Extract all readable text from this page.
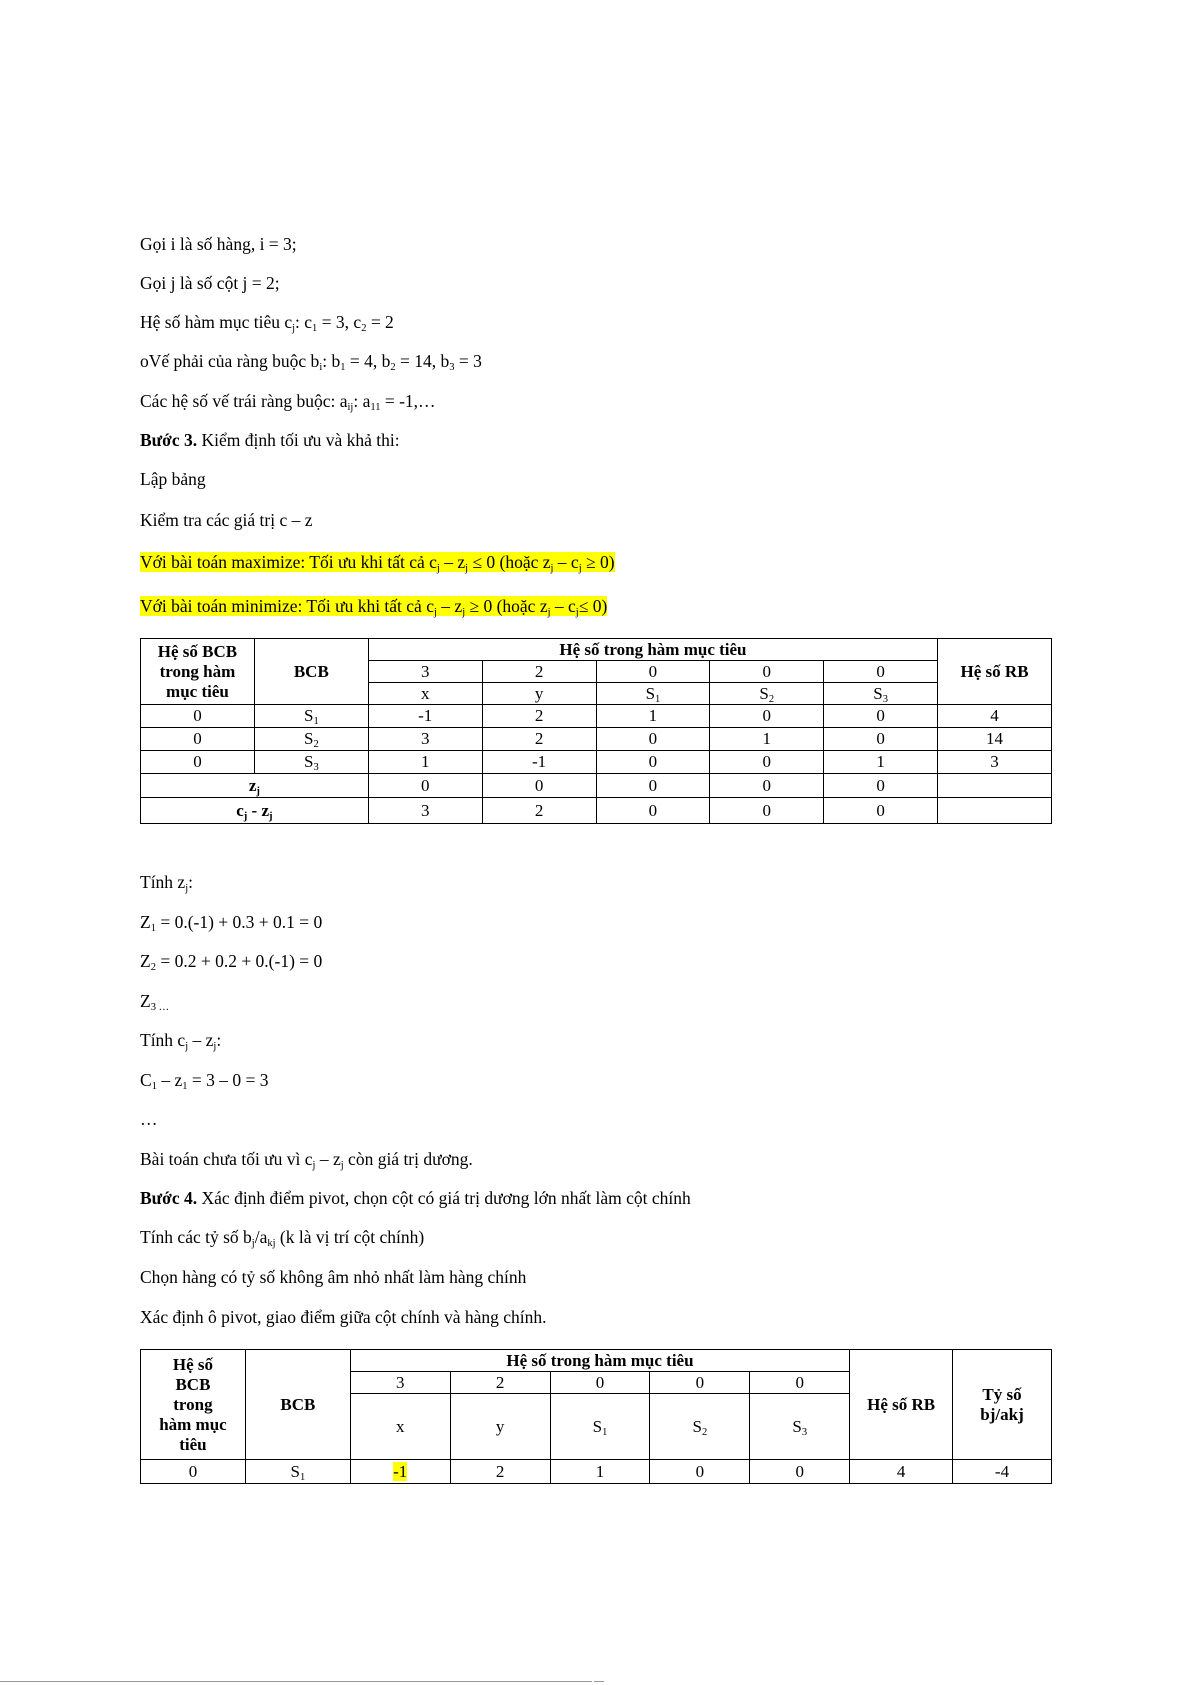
Gọi i là số hàng, i = 3;
Gọi j là số cột j = 2;
Hệ số hàm mục tiêu $c_j$: $c_1 = 3$, $c_2 = 2$
oVế phải của ràng buộc $b_i$: $b_1 = 4$, $b_2 = 14$, $b_3 = 3$
Các hệ số vế trái ràng buộc: $a_{ij}$: $a_{11}$ = -1,…
Bước 3. Kiểm định tối ưu và khả thi:
Lập bảng
Kiểm tra các giá trị c – z
Với bài toán maximize: Tối ưu khi tất cả $c_j - z_j \le 0$ (hoặc $z_j - c_j \ge 0$)
Với bài toán minimize: Tối ưu khi tất cả $c_j - z_j \ge 0$ (hoặc $z_j - c_j\le 0$)
Hệ số BCB
trong hàm
mục tiêu	BCB	Hệ số trong hàm mục tiêu					Hệ số RB
		3	2	0	0	0	
		x	y	$S_1$	$S_2$	$S_3$
0	$S_1$	-1	2	1	0	0	4
0	$S_2$	3	2	0	1	0	14
0	$S_3$	1	-1	0	0	1	3
$z_j$		0	0	0	0	0	
$c_j - z_j$		3	2	0	0	0	
Tính $z_j$:
$Z_1 = 0.(-1) + 0.3 + 0.1 = 0$
$Z_2 = 0.2 + 0.2 + 0.(-1) = 0$
$Z_{3 \dots}$
Tính $c_j - z_j$:
$C_1 - z_1 = 3 - 0 = 3$
…
Bài toán chưa tối ưu vì $c_j - z_j$ còn giá trị dương.
Bước 4. Xác định điểm pivot, chọn cột có giá trị dương lớn nhất làm cột chính
Tính các tỷ số $b_j/a_{kj}$ (k là vị trí cột chính)
Chọn hàng có tỷ số không âm nhỏ nhất làm hàng chính
Xác định ô pivot, giao điểm giữa cột chính và hàng chính.
Hệ số
BCB
trong
hàm mục
tiêu	BCB	Hệ số trong hàm mục tiêu					Hệ số RB	Tỷ số
bj/akj
		3	2	0	0	0		
		x	y	$S_1$	$S_2$	$S_3$
0	$S_1$	-1	2	1	0	0	4	-4
